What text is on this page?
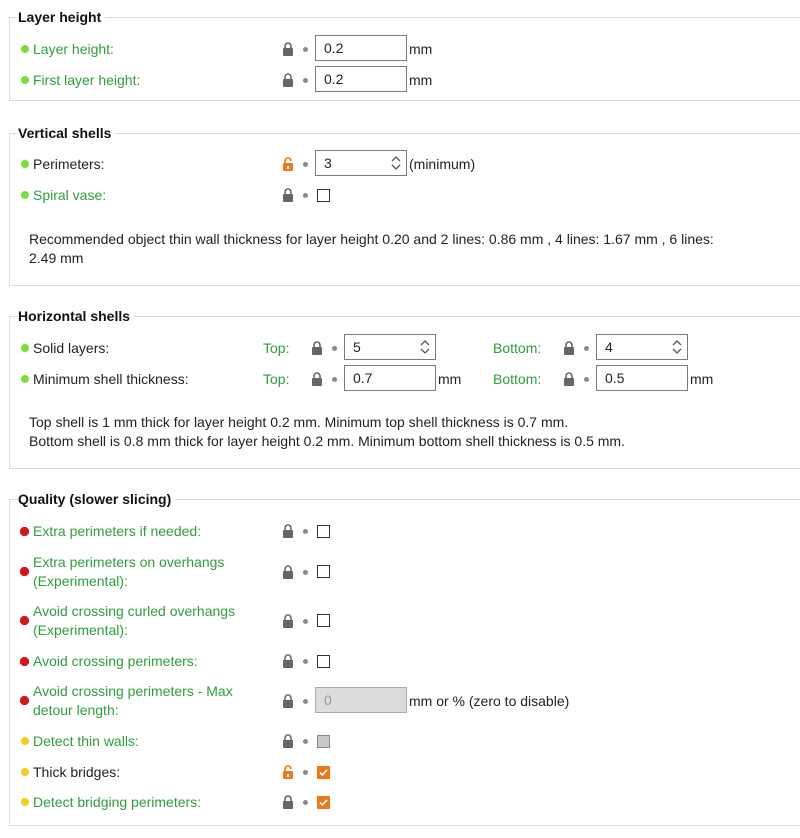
Layer height
Layer height:	0.2	mm
First layer height:	0.2	mm
Vertical shells
Perimeters:	3	(minimum)
Spiral vase:
Recommended object thin wall thickness for layer height 0.20 and 2 lines: 0.86 mm , 4 lines: 1.67 mm , 6 lines:
2.49 mm
Horizontal shells
Solid layers:	Top:	5	Bottom:	4
Minimum shell thickness:	Top:	0.7	mm Bottom:	0.5	mm
Top shell is 1 mm thick for layer height 0.2 mm. Minimum top shell thickness is 0.7 mm.
Bottom shell is 0.8 mm thick for layer height 0.2 mm. Minimum bottom shell thickness is 0.5 mm.
Quality (slower slicing)
Extra perimeters if needed:
Extra perimeters on overhangs
(Experimental):
Avoid crossing curled overhangs
(Experimental):
Avoid crossing perimeters:
Avoid crossing perimeters - Max
detour length:
0	mm or % (zero to disable)
Detect thin walls:
Thick bridges:
Detect bridging perimeters:
